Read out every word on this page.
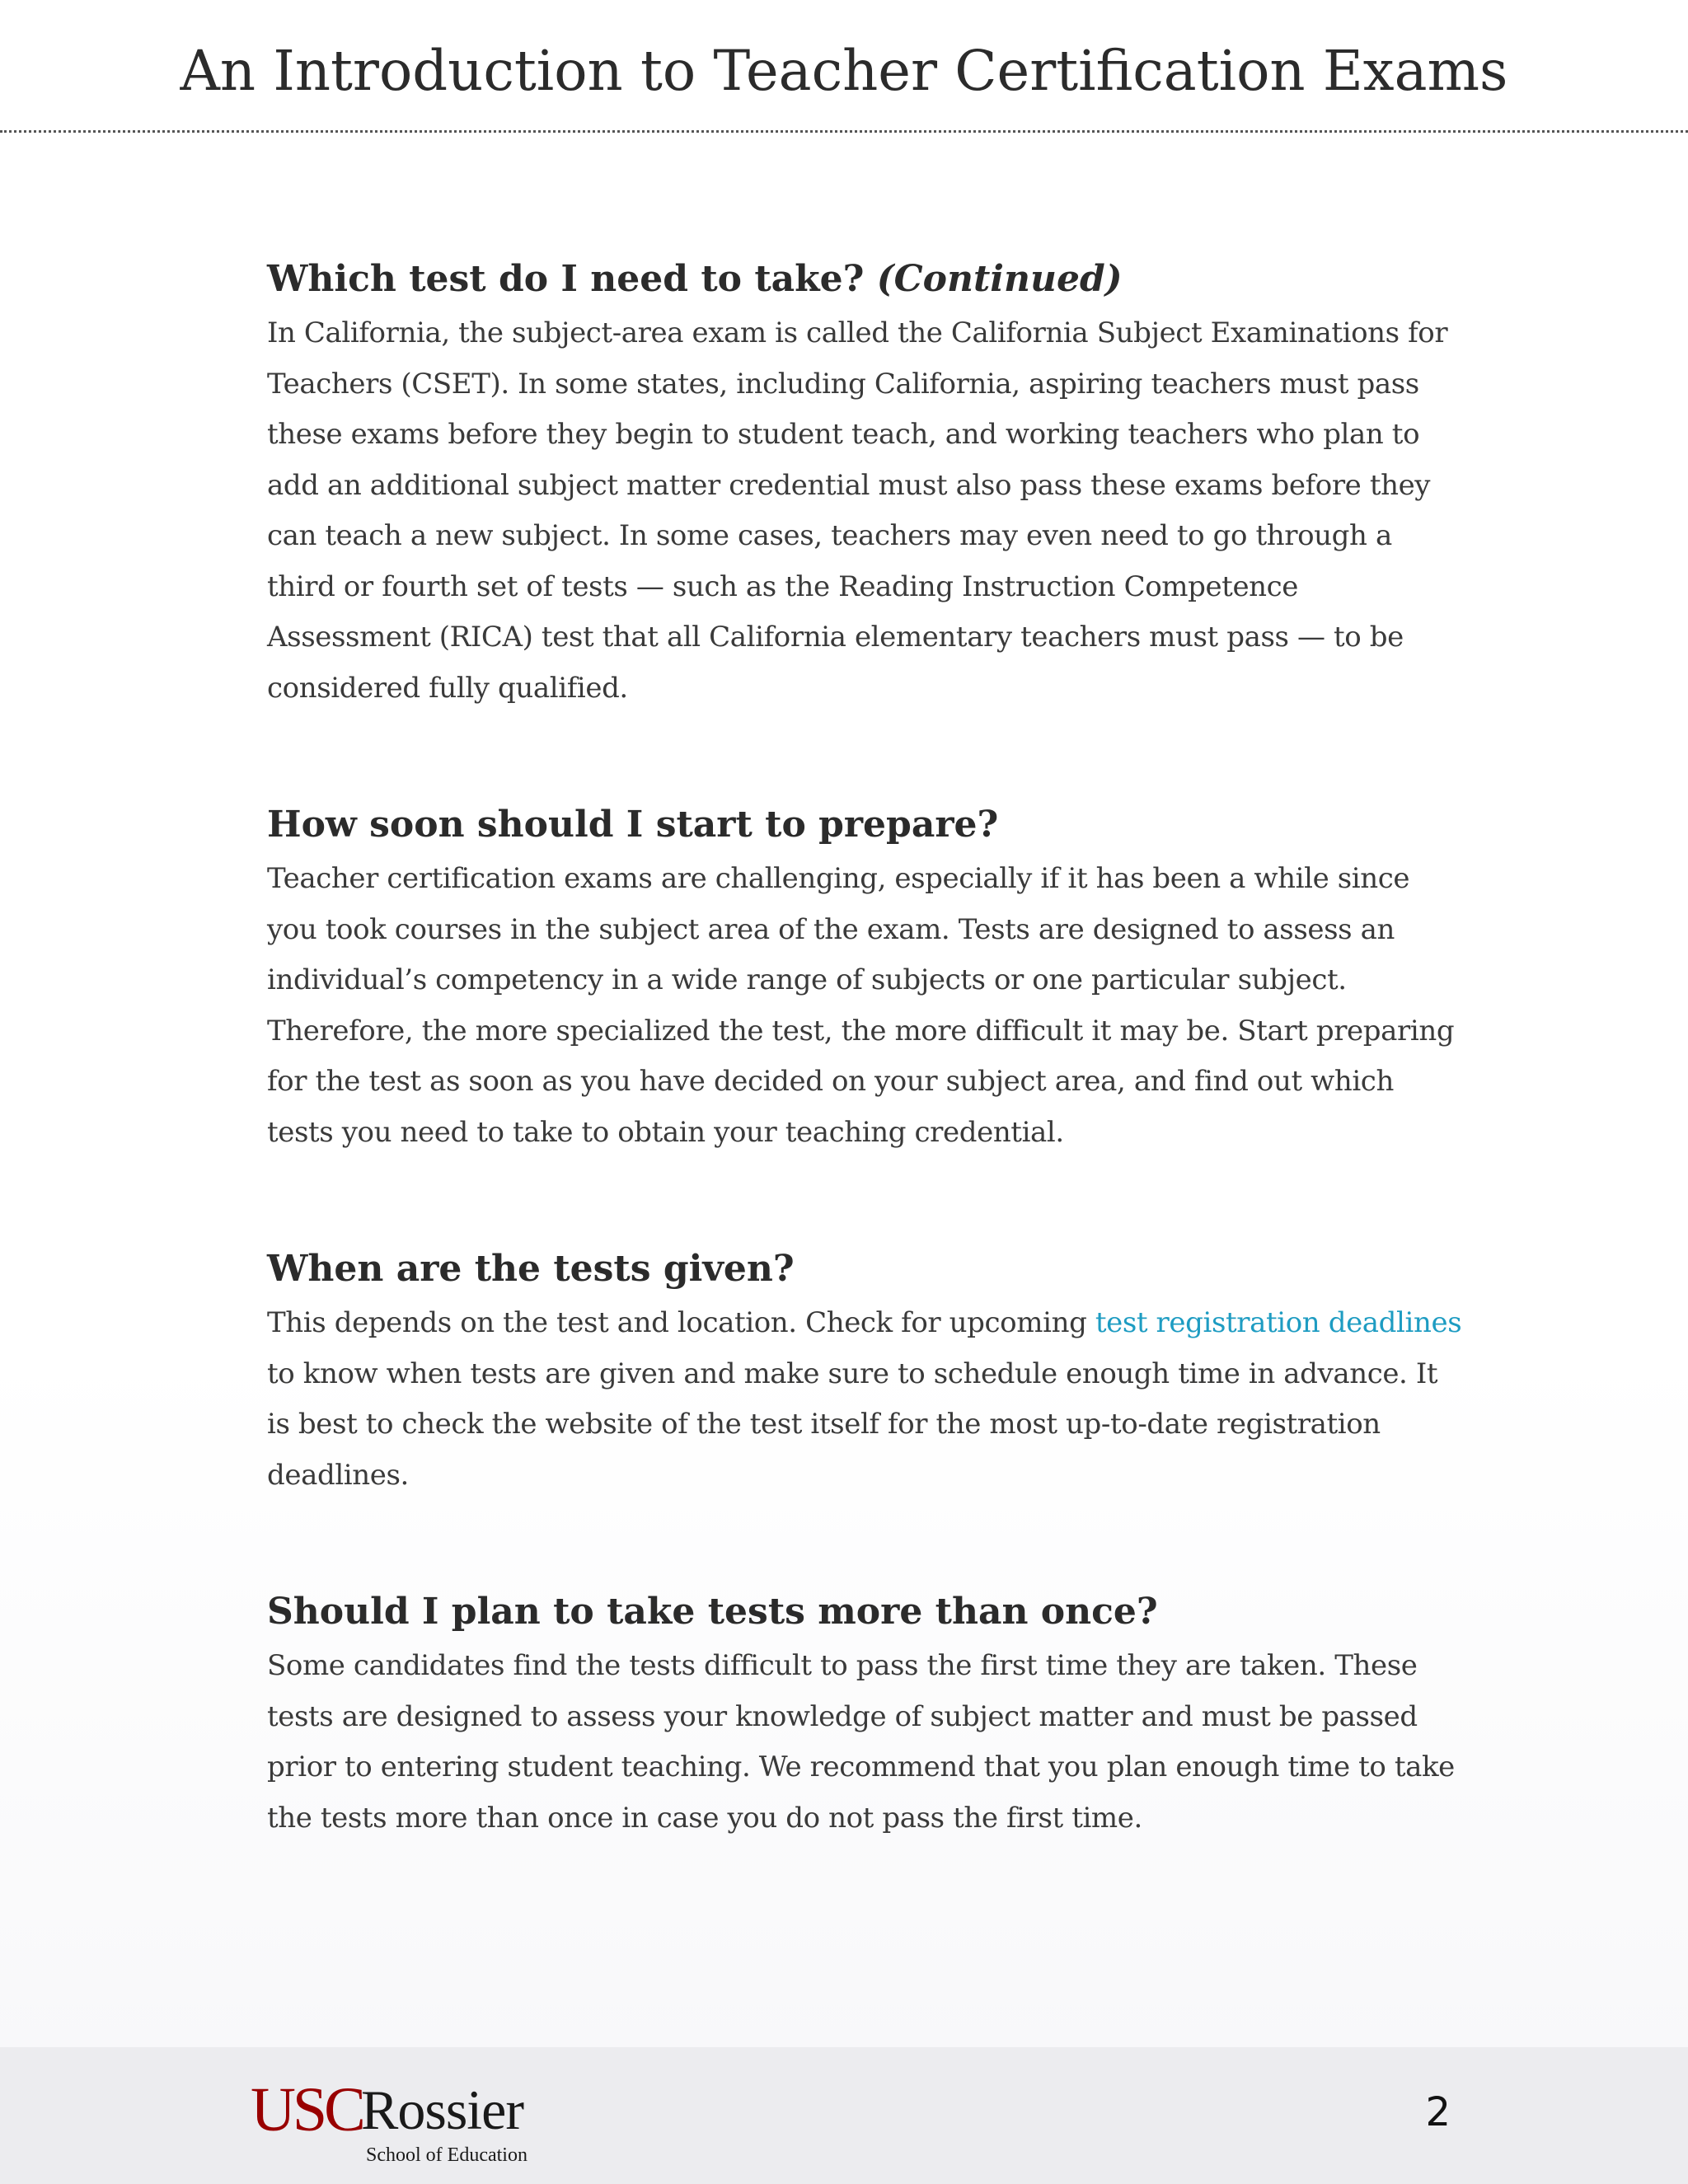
An Introduction to Teacher Certification Exams
Which test do I need to take? (Continued)

In California, the subject-area exam is called the California Subject Examinations for Teachers (CSET). In some states, including California, aspiring teachers must pass these exams before they begin to student teach, and working teachers who plan to add an additional subject matter credential must also pass these exams before they can teach a new subject. In some cases, teachers may even need to go through a third or fourth set of tests — such as the Reading Instruction Competence Assessment (RICA) test that all California elementary teachers must pass — to be considered fully qualified.

How soon should I start to prepare?

Teacher certification exams are challenging, especially if it has been a while since you took courses in the subject area of the exam. Tests are designed to assess an individual’s competency in a wide range of subjects or one particular subject. Therefore, the more specialized the test, the more difficult it may be. Start preparing for the test as soon as you have decided on your subject area, and find out which tests you need to take to obtain your teaching credential.

When are the tests given?

This depends on the test and location. Check for upcoming test registration deadlines to know when tests are given and make sure to schedule enough time in advance. It is best to check the website of the test itself for the most up-to-date registration deadlines.

Should I plan to take tests more than once?

Some candidates find the tests difficult to pass the first time they are taken. These tests are designed to assess your knowledge of subject matter and must be passed prior to entering student teaching. We recommend that you plan enough time to take the tests more than once in case you do not pass the first time.

USC
Rossier
School of Education
2
